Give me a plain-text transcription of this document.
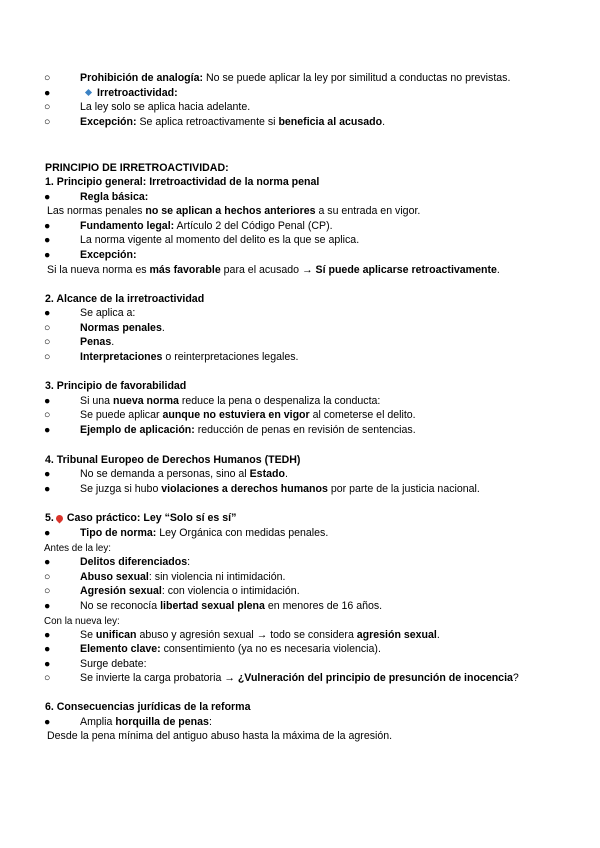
○	Prohibición de analogía: No se puede aplicar la ley por similitud a conductas no previstas.
●	Irretroactividad:
○	La ley solo se aplica hacia adelante.
○	Excepción: Se aplica retroactivamente si beneficia al acusado.
PRINCIPIO DE IRRETROACTIVIDAD:
1. Principio general: Irretroactividad de la norma penal
●	Regla básica:
Las normas penales no se aplican a hechos anteriores a su entrada en vigor.
●	Fundamento legal: Artículo 2 del Código Penal (CP).
●	La norma vigente al momento del delito es la que se aplica.
●	Excepción:
Si la nueva norma es más favorable para el acusado → Sí puede aplicarse retroactivamente.
2. Alcance de la irretroactividad
●	Se aplica a:
○	Normas penales.
○	Penas.
○	Interpretaciones o reinterpretaciones legales.
3. Principio de favorabilidad
●	Si una nueva norma reduce la pena o despenaliza la conducta:
○	Se puede aplicar aunque no estuviera en vigor al cometerse el delito.
●	Ejemplo de aplicación: reducción de penas en revisión de sentencias.
4. Tribunal Europeo de Derechos Humanos (TEDH)
●	No se demanda a personas, sino al Estado.
●	Se juzga si hubo violaciones a derechos humanos por parte de la justicia nacional.
5. Caso práctico: Ley “Solo sí es sí”
●	Tipo de norma: Ley Orgánica con medidas penales.
Antes de la ley:
●	Delitos diferenciados:
○	Abuso sexual: sin violencia ni intimidación.
○	Agresión sexual: con violencia o intimidación.
●	No se reconocía libertad sexual plena en menores de 16 años.
Con la nueva ley:
●	Se unifican abuso y agresión sexual → todo se considera agresión sexual.
●	Elemento clave: consentimiento (ya no es necesaria violencia).
●	Surge debate:
○	Se invierte la carga probatoria → ¿Vulneración del principio de presunción de inocencia?
6. Consecuencias jurídicas de la reforma
●	Amplia horquilla de penas:
Desde la pena mínima del antiguo abuso hasta la máxima de la agresión.
